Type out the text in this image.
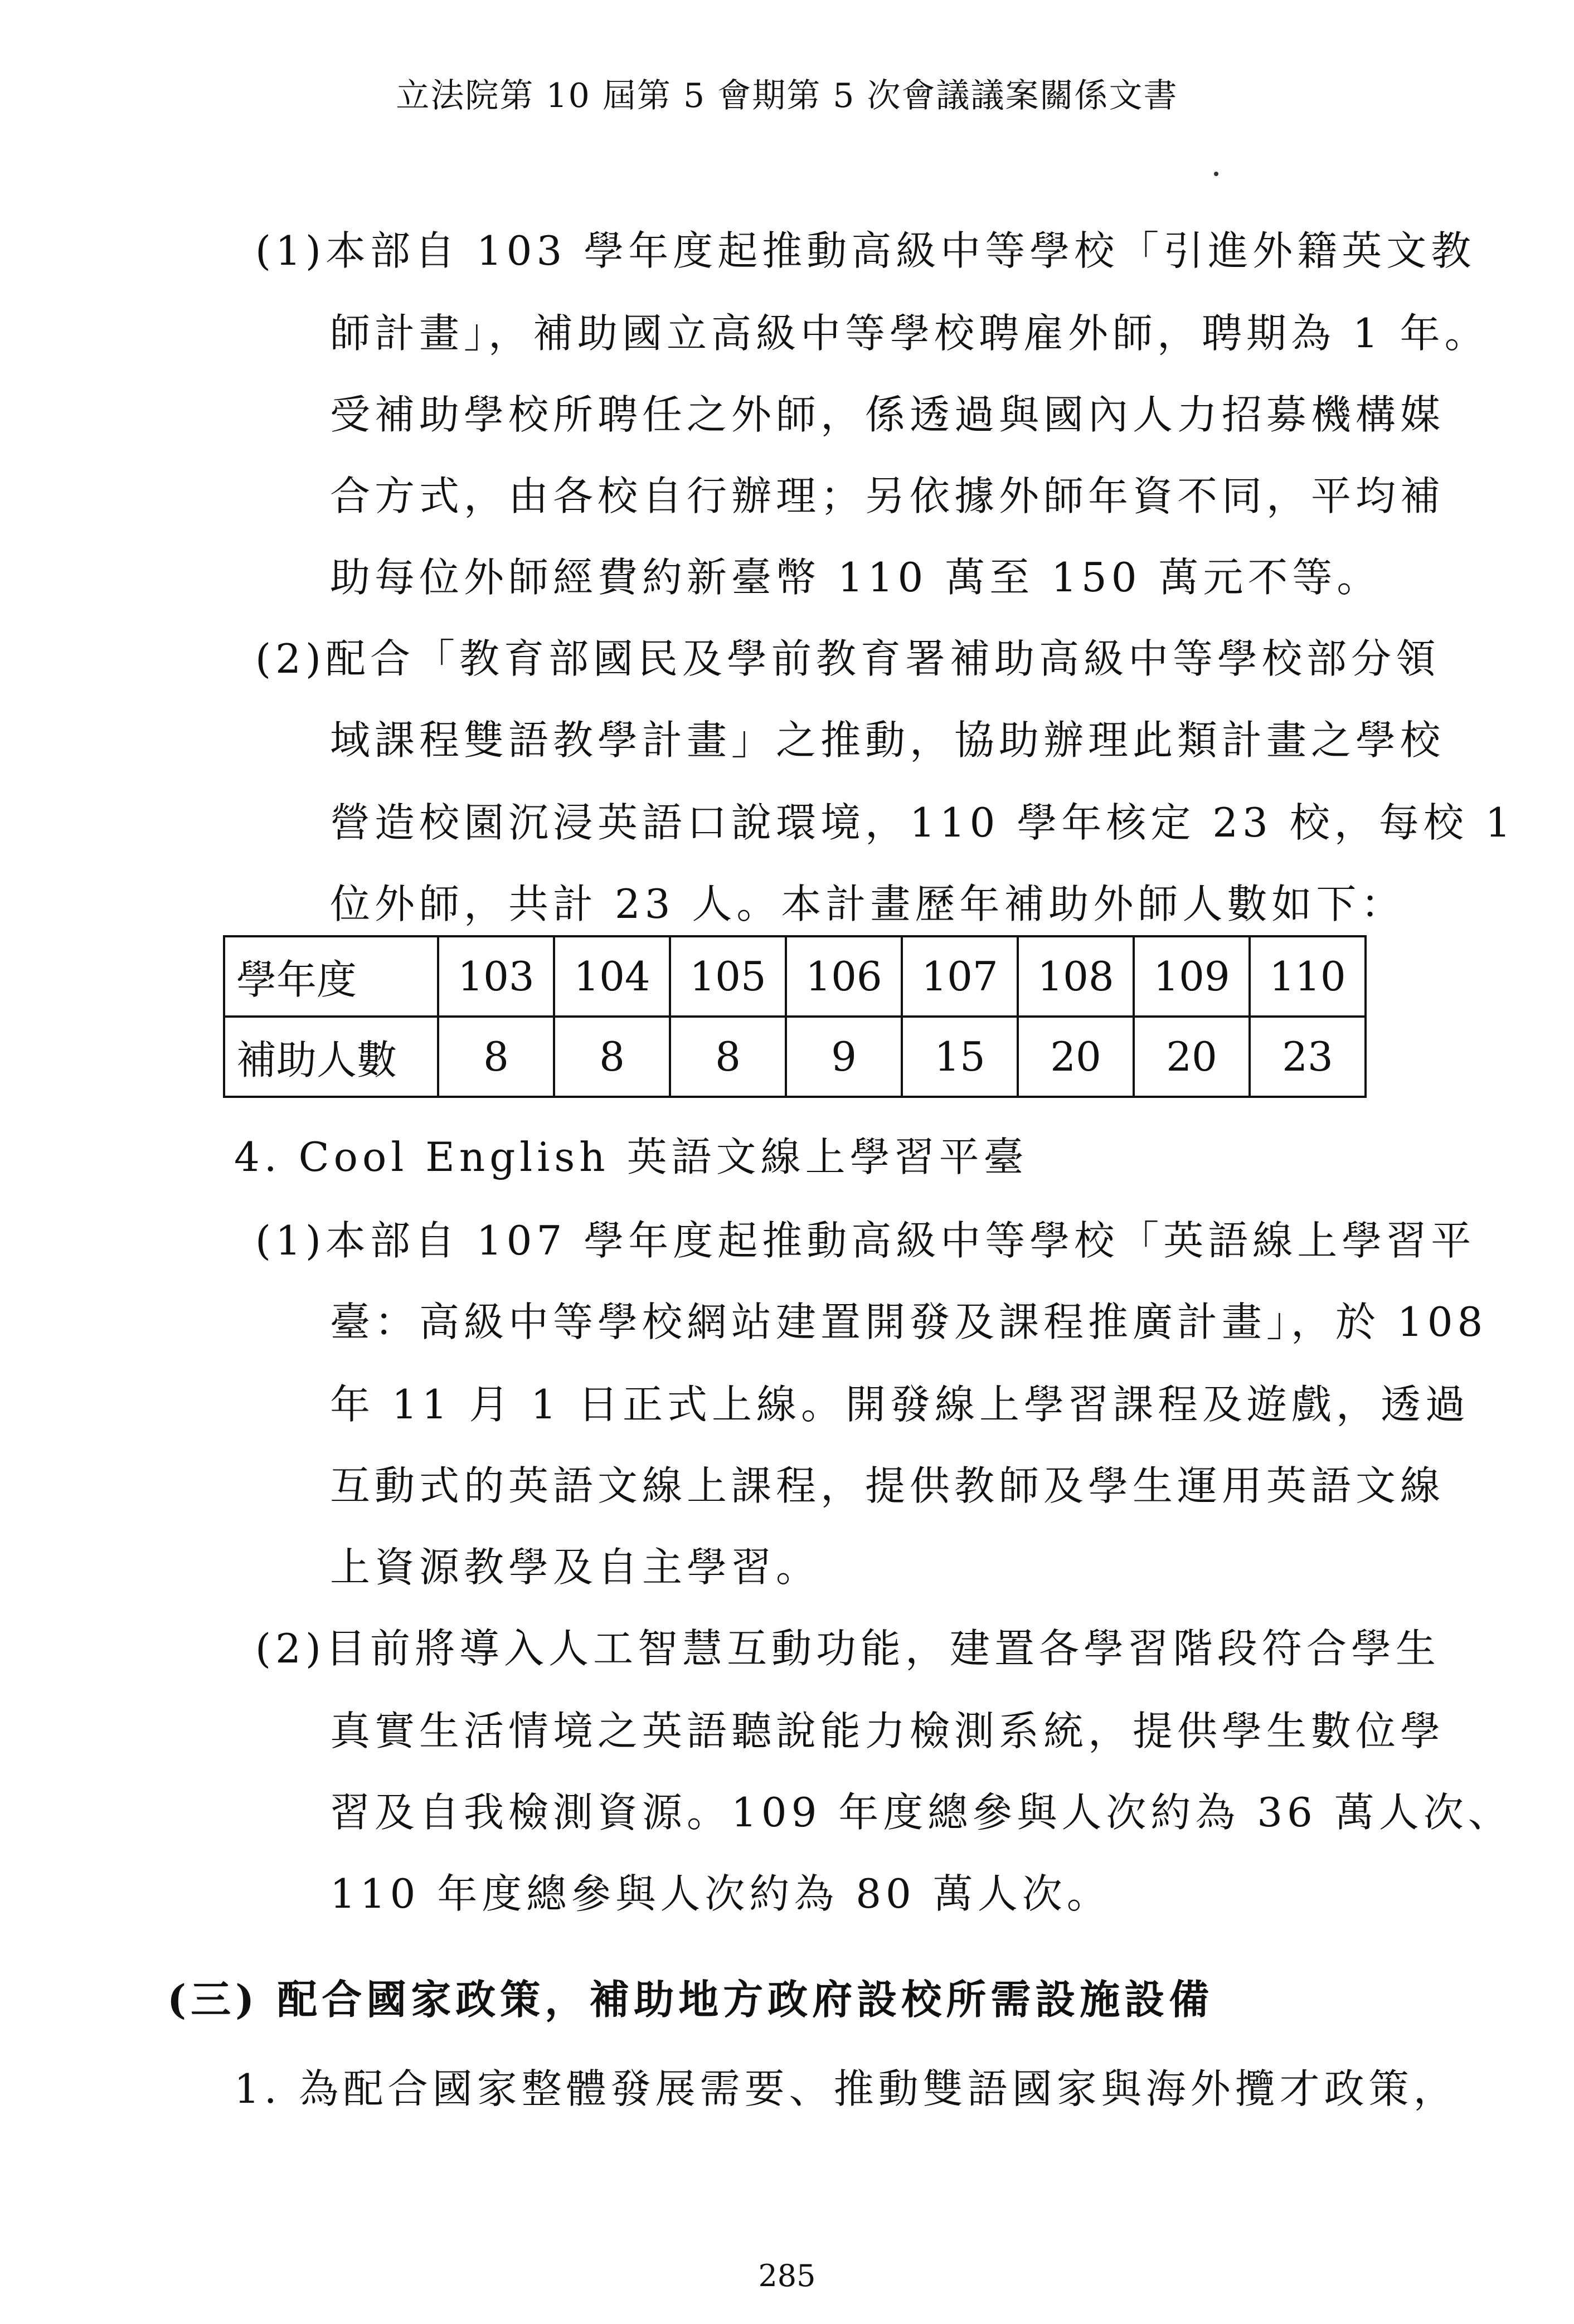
立法院第 10 屆第 5 會期第 5 次會議議案關係文書
(1)本部自 103 學年度起推動高級中等學校「引進外籍英文教
師計畫」，補助國立高級中等學校聘雇外師，聘期為 1 年。
受補助學校所聘任之外師，係透過與國內人力招募機構媒
合方式，由各校自行辦理；另依據外師年資不同，平均補
助每位外師經費約新臺幣 110 萬至 150 萬元不等。
(2)配合「教育部國民及學前教育署補助高級中等學校部分領
域課程雙語教學計畫」之推動，協助辦理此類計畫之學校
營造校園沉浸英語口說環境，110 學年核定 23 校，每校 1
位外師，共計 23 人。本計畫歷年補助外師人數如下：
學年度	103	104	105	106	107	108	109	110
補助人數	8	8	8	9	15	20	20	23
4. Cool English 英語文線上學習平臺
(1)本部自 107 學年度起推動高級中等學校「英語線上學習平
臺：高級中等學校網站建置開發及課程推廣計畫」，於 108
年 11 月 1 日正式上線。開發線上學習課程及遊戲，透過
互動式的英語文線上課程，提供教師及學生運用英語文線
上資源教學及自主學習。
(2)目前將導入人工智慧互動功能，建置各學習階段符合學生
真實生活情境之英語聽說能力檢測系統，提供學生數位學
習及自我檢測資源。109 年度總參與人次約為 36 萬人次、
110 年度總參與人次約為 80 萬人次。
(三) 配合國家政策，補助地方政府設校所需設施設備
1. 為配合國家整體發展需要、推動雙語國家與海外攬才政策，
285
